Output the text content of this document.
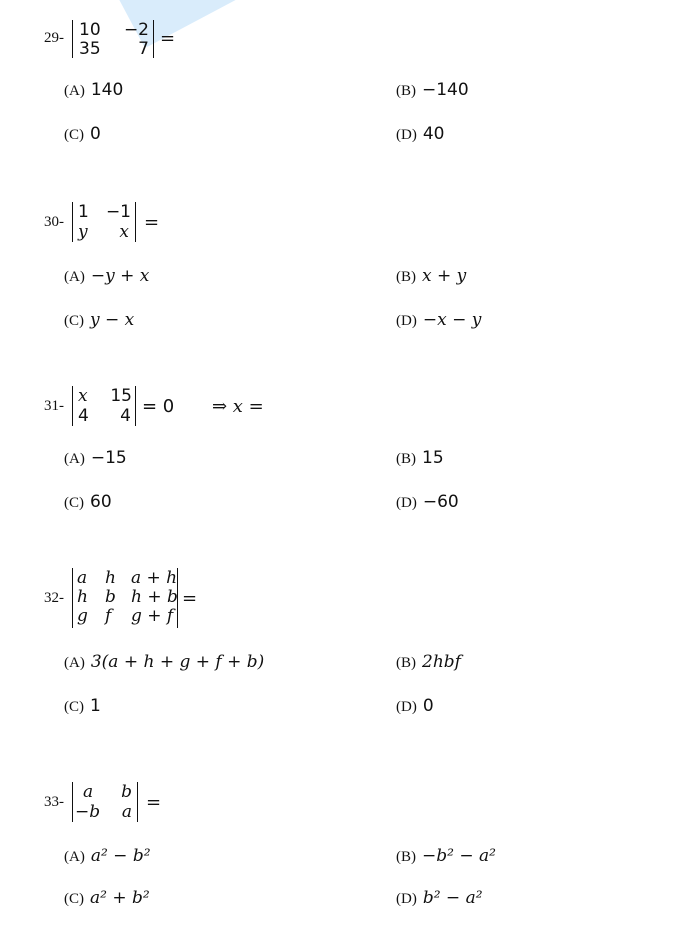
29- 10 −2
35 7 =
(A) 140	(B) −140
(C) 0	(D) 40
30- 1 −1
y x =
(A) −y + x	(B) x + y
(C) y − x	(D) −x − y
31- x 15
4 4 = 0 ⇒ x =
(A) −15	(B) 15
(C) 60	(D) −60
32-
a h a + h
h b h + b
g f g + f
=
(A) 3(a + h + g + f + b)	(B) 2hbf
(C) 1	(D) 0
33- a b
−b a =
(A) a² − b²	(B) −b² − a²
(C) a² + b²	(D) b² − a²
